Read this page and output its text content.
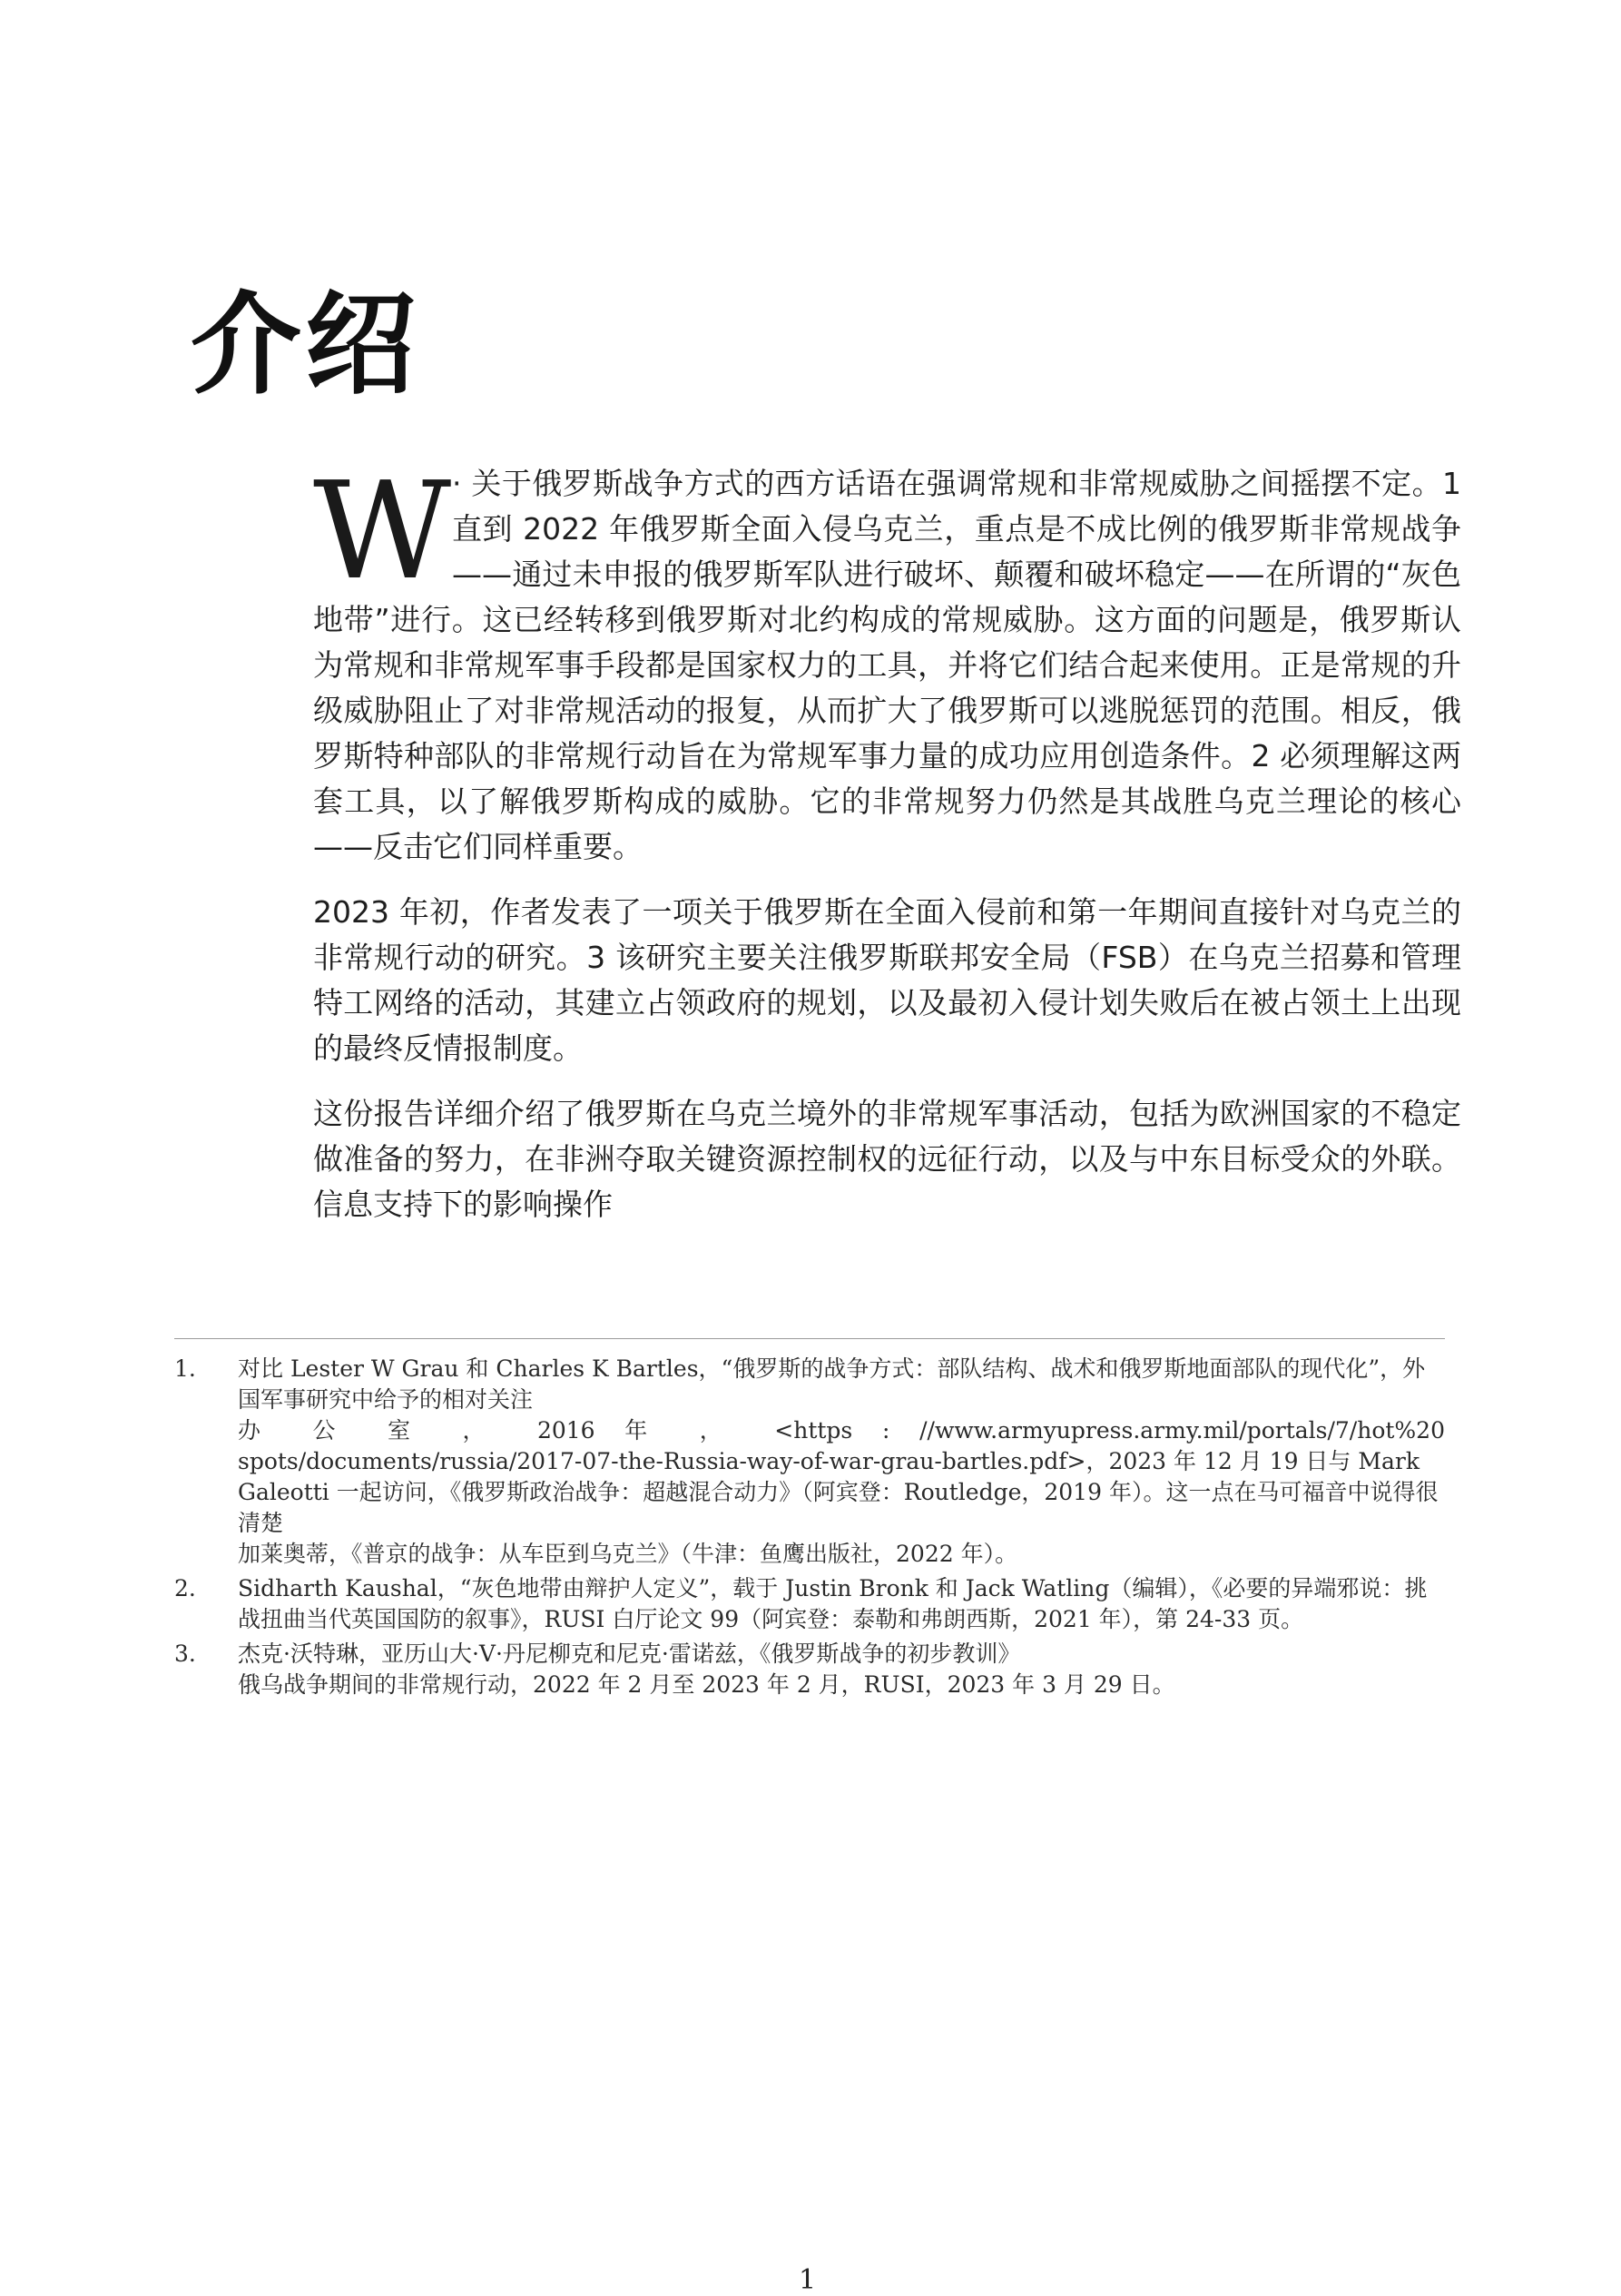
介绍

W · 关于俄罗斯战争方式的西方话语在强调常规和非常规威胁之间摇摆不定。1 直到 2022 年俄罗斯全面入侵乌克兰，重点是不成比例的俄罗斯非常规战争——通过未申报的俄罗斯军队进行破坏、颠覆和破坏稳定——在所谓的“灰色地带”进行。这已经转移到俄罗斯对北约构成的常规威胁。这方面的问题是，俄罗斯认为常规和非常规军事手段都是国家权力的工具，并将它们结合起来使用。正是常规的升级威胁阻止了对非常规活动的报复，从而扩大了俄罗斯可以逃脱惩罚的范围。相反，俄罗斯特种部队的非常规行动旨在为常规军事力量的成功应用创造条件。2 必须理解这两套工具，以了解俄罗斯构成的威胁。它的非常规努力仍然是其战胜乌克兰理论的核心——反击它们同样重要。

2023 年初，作者发表了一项关于俄罗斯在全面入侵前和第一年期间直接针对乌克兰的非常规行动的研究。3 该研究主要关注俄罗斯联邦安全局（FSB）在乌克兰招募和管理特工网络的活动，其建立占领政府的规划，以及最初入侵计划失败后在被占领土上出现的最终反情报制度。

这份报告详细介绍了俄罗斯在乌克兰境外的非常规军事活动，包括为欧洲国家的不稳定做准备的努力，在非洲夺取关键资源控制权的远征行动，以及与中东目标受众的外联。信息支持下的影响操作

1.	对比 Lester W Grau 和 Charles K Bartles，“俄罗斯的战争方式：部队结构、战术和俄罗斯地面部队的现代化”，外国军事研究中给予的相对关注
办 公 室 ， 2016 年 ， <https : //www.armyupress.army.mil/portals/7/hot%20
spots/documents/russia/2017-07-the-Russia-way-of-war-grau-bartles.pdf>，2023 年 12 月 19 日与 Mark Galeotti 一起访问，《俄罗斯政治战争：超越混合动力》（阿宾登：Routledge，2019 年）。这一点在马可福音中说得很清楚
加莱奥蒂，《普京的战争：从车臣到乌克兰》（牛津：鱼鹰出版社，2022 年）。
2.	Sidharth Kaushal，“灰色地带由辩护人定义”，载于 Justin Bronk 和 Jack Watling（编辑），《必要的异端邪说：挑战扭曲当代英国国防的叙事》，RUSI 白厅论文 99（阿宾登：泰勒和弗朗西斯，2021 年），第 24-33 页。
3.	杰克·沃特琳，亚历山大·V·丹尼柳克和尼克·雷诺兹，《俄罗斯战争的初步教训》
俄乌战争期间的非常规行动，2022 年 2 月至 2023 年 2 月，RUSI，2023 年 3 月 29 日。
1
